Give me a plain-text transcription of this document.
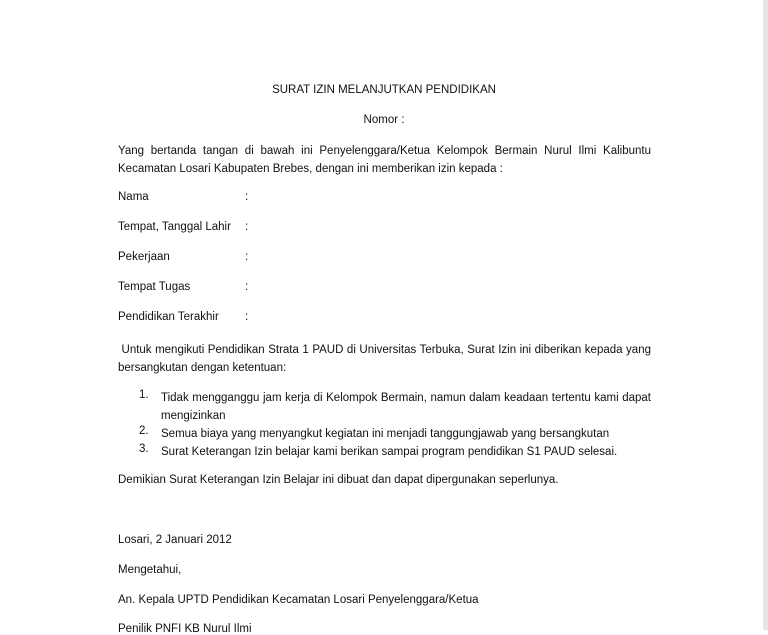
SURAT IZIN MELANJUTKAN PENDIDIKAN
Nomor :
Yang bertanda tangan di bawah ini Penyelenggara/Ketua Kelompok Bermain Nurul Ilmi Kalibuntu Kecamatan Losari Kabupaten Brebes, dengan ini memberikan izin kepada :
Nama	:
Tempat, Tanggal Lahir :
Pekerjaan	:
Tempat Tugas	:
Pendidikan Terakhir :
Untuk mengikuti Pendidikan Strata 1 PAUD di Universitas Terbuka, Surat Izin ini diberikan kepada yang bersangkutan dengan ketentuan:
1. Tidak mengganggu jam kerja di Kelompok Bermain, namun dalam keadaan tertentu kami dapat mengizinkan
2. Semua biaya yang menyangkut kegiatan ini menjadi tanggungjawab yang bersangkutan
3. Surat Keterangan Izin belajar kami berikan sampai program pendidikan S1 PAUD selesai.
Demikian Surat Keterangan Izin Belajar ini dibuat dan dapat dipergunakan seperlunya.
Losari, 2 Januari 2012
Mengetahui,
An. Kepala UPTD Pendidikan Kecamatan Losari Penyelenggara/Ketua
Penilik PNFI KB Nurul Ilmi
